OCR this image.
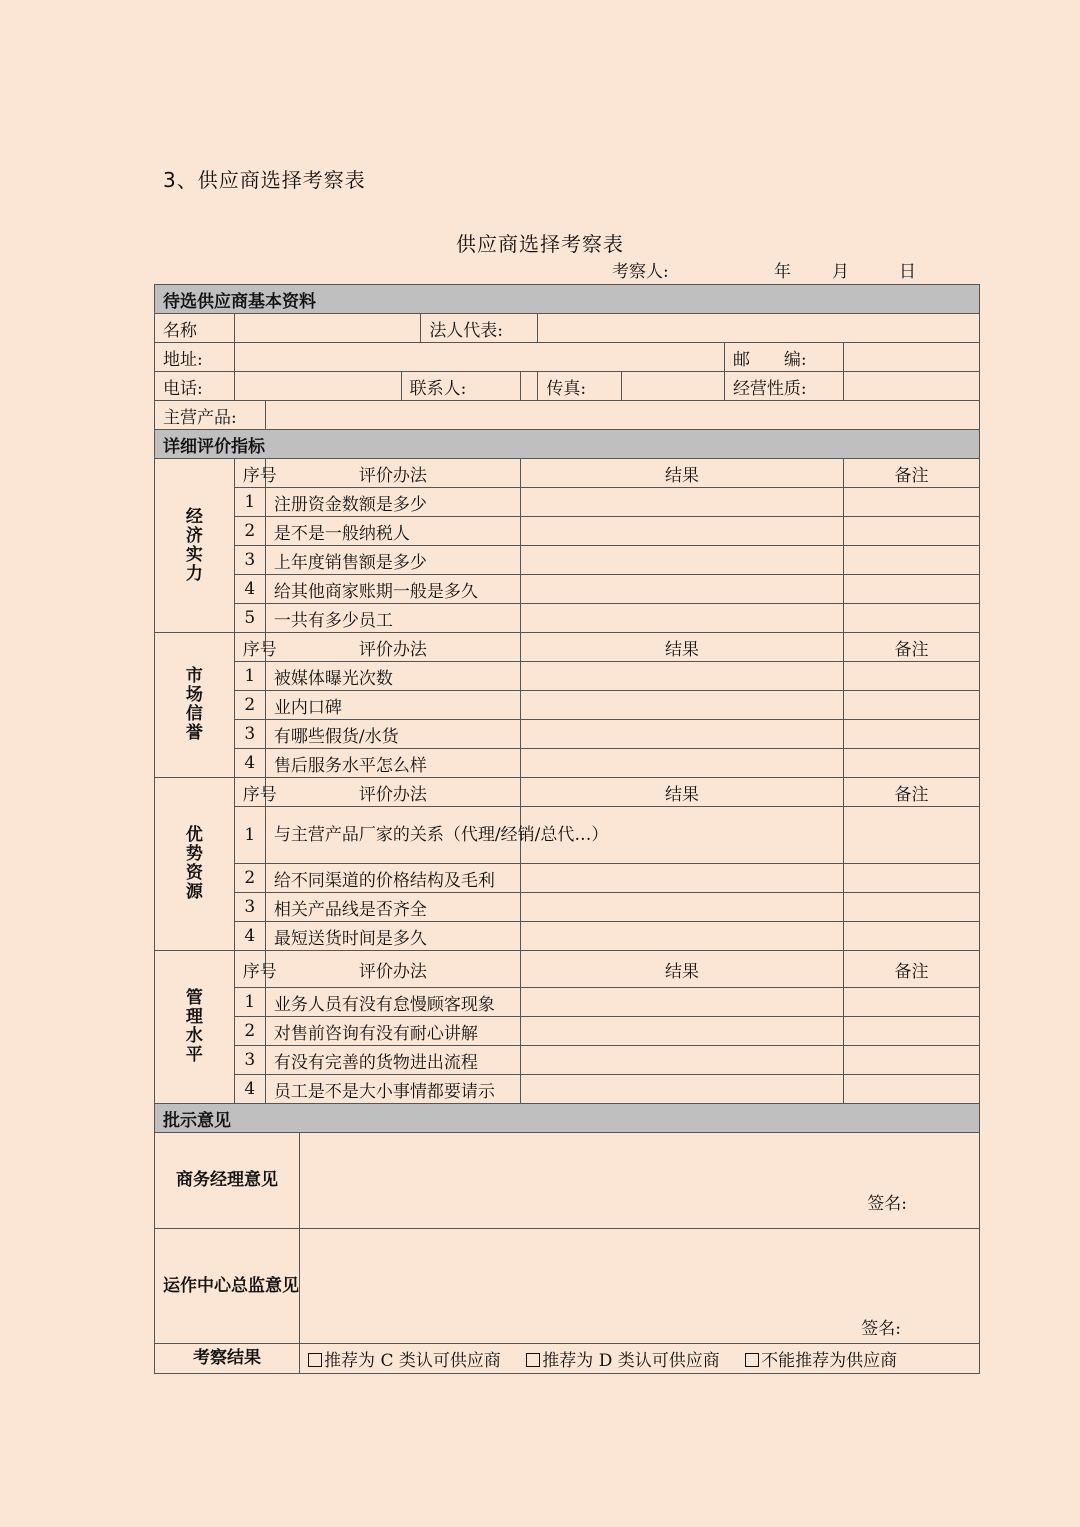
3、供应商选择考察表
供应商选择考察表
考察人:	年 月	日
待选供应商基本资料										
名称					法人代表:					
地址:									邮　　编:	
电话:				联系人:			传真:		经营性质:	
主营产品:										
详细评价指标										
经济实力	序号	评价办法				结果				备注
	1	注册资金数额是多少								
	2	是不是一般纳税人								
	3	上年度销售额是多少								
	4	给其他商家账期一般是多久								
	5	一共有多少员工								
市场信誉	序号	评价办法				结果				备注
	1	被媒体曝光次数								
	2	业内口碑								
	3	有哪些假货/水货								
	4	售后服务水平怎么样								
优势资源	序号	评价办法				结果				备注
	1	与主营产品厂家的关系（代理/经销/总代…）								
	2	给不同渠道的价格结构及毛利								
	3	相关产品线是否齐全								
	4	最短送货时间是多久								
管理水平	序号	评价办法				结果				备注
	1	业务人员有没有怠慢顾客现象								
	2	对售前咨询有没有耐心讲解								
	3	有没有完善的货物进出流程								
	4	员工是不是大小事情都要请示								
批示意见										
商务经理意见			签名:							

运作中心总监意见			签名:							

考察结果			推荐为 C 类认可供应商 推荐为 D 类认可供应商 不能推荐为供应商							
